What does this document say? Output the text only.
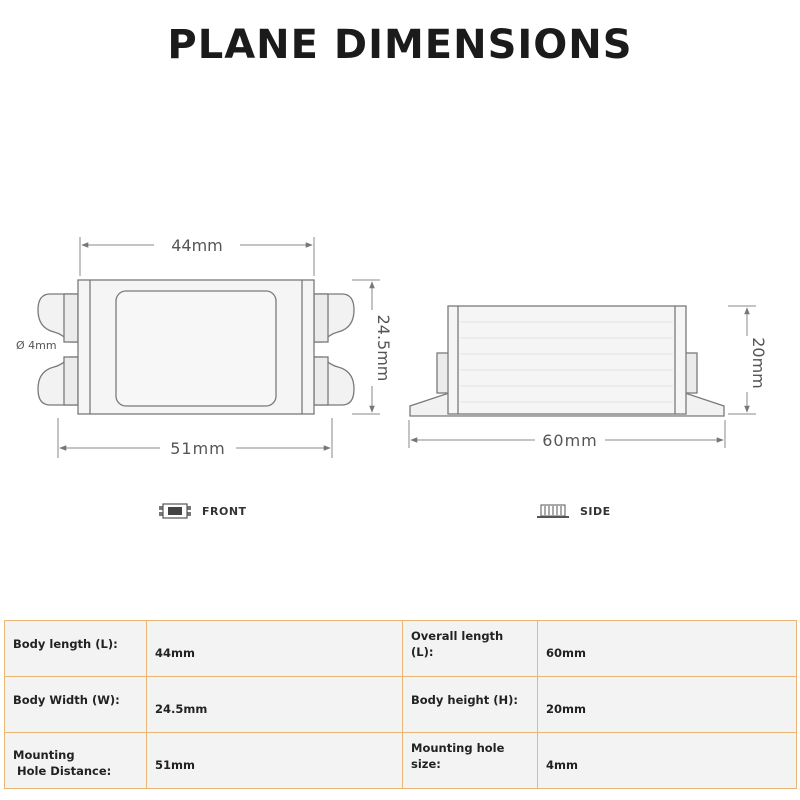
PLANE DIMENSIONS
44mm
51mm
24.5mm
Ø 4mm
60mm
20mm
FRONT	SIDE
Body length (L):	44mm	Overall length (L):	60mm
Body Width (W):	24.5mm	Body height (H):	20mm
Mounting
Hole Distance:	51mm	Mounting hole size:	4mm
